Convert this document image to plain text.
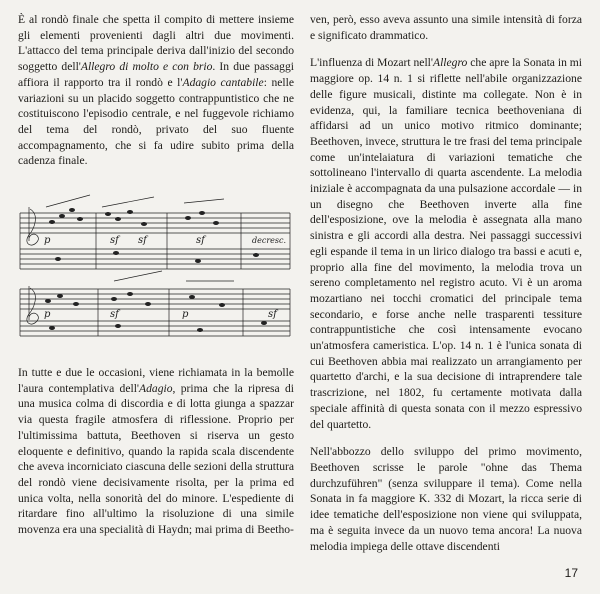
È al rondò finale che spetta il compito di mettere insieme gli elementi provenienti dagli altri due movimenti. L'attacco del tema principale deriva dall'inizio del secondo soggetto dell'Allegro di molto e con brio. In due passaggi affiora il rapporto tra il rondò e l'Adagio cantabile: nelle variazioni su un placido soggetto contrappuntistico che ne costituiscono l'episodio centrale, e nel fuggevole richiamo del tema del rondò, privato del suo fluente accompagnamento, che si fa udire subito prima della cadenza finale.

p	sf sf	sf
p	sf	p	sf
decresc.

In tutte e due le occasioni, viene richiamata in la bemolle l'aura contemplativa dell'Adagio, prima che la ripresa di una musica colma di discordia e di lotta giunga a spazzar via questa fragile atmosfera di riflessione. Proprio per l'ultimissima battuta, Beethoven si riserva un gesto eloquente e definitivo, quando la rapida scala discendente che aveva incorniciato ciascuna delle sezioni della struttura del rondò viene decisivamente risolta, per la prima ed unica volta, nella sonorità del do minore. L'espediente di ritardare fino all'ultimo la risoluzione di una simile movenza era una specialità di Haydn; mai prima di Beetho-

ven, però, esso aveva assunto una simile intensità di forza e significato drammatico.

L'influenza di Mozart nell'Allegro che apre la Sonata in mi maggiore op. 14 n. 1 si riflette nell'abile organizzazione delle figure musicali, distinte ma collegate. Non è in evidenza, qui, la familiare tecnica beethoveniana di affidarsi ad un unico motivo ritmico dominante; Beethoven, invece, struttura le tre frasi del tema principale come un'intelaiatura di variazioni tematiche che sottolineano l'intervallo di quarta ascendente. La melodia iniziale è accompagnata da una pulsazione accordale — in un disegno che Beethoven inverte alla fine dell'esposizione, ove la melodia è assegnata alla mano sinistra e gli accordi alla destra. Nei passaggi successivi egli espande il tema in un lirico dialogo tra bassi e acuti e, proprio alla fine del movimento, la melodia trova un sereno completamento nel registro acuto. Vi è un aroma mozartiano nei tocchi cromatici del principale tema secondario, e forse anche nelle trasparenti tessiture contrappuntistiche che così intensamente evocano un'atmosfera cameristica. L'op. 14 n. 1 è l'unica sonata di cui Beethoven abbia mai realizzato un arrangiamento per quartetto d'archi, e la sua decisione di intraprendere tale trascrizione, nel 1802, fu certamente motivata dalla speciale affinità di questa sonata con il mezzo espressivo del quartetto.

Nell'abbozzo dello sviluppo del primo movimento, Beethoven scrisse le parole "ohne das Thema durchzuführen" (senza sviluppare il tema). Come nella Sonata in fa maggiore K. 332 di Mozart, la ricca serie di idee tematiche dell'esposizione non viene qui sviluppata, ma è seguita invece da un nuovo tema ancora! La nuova melodia impiega delle ottave discendenti

17
